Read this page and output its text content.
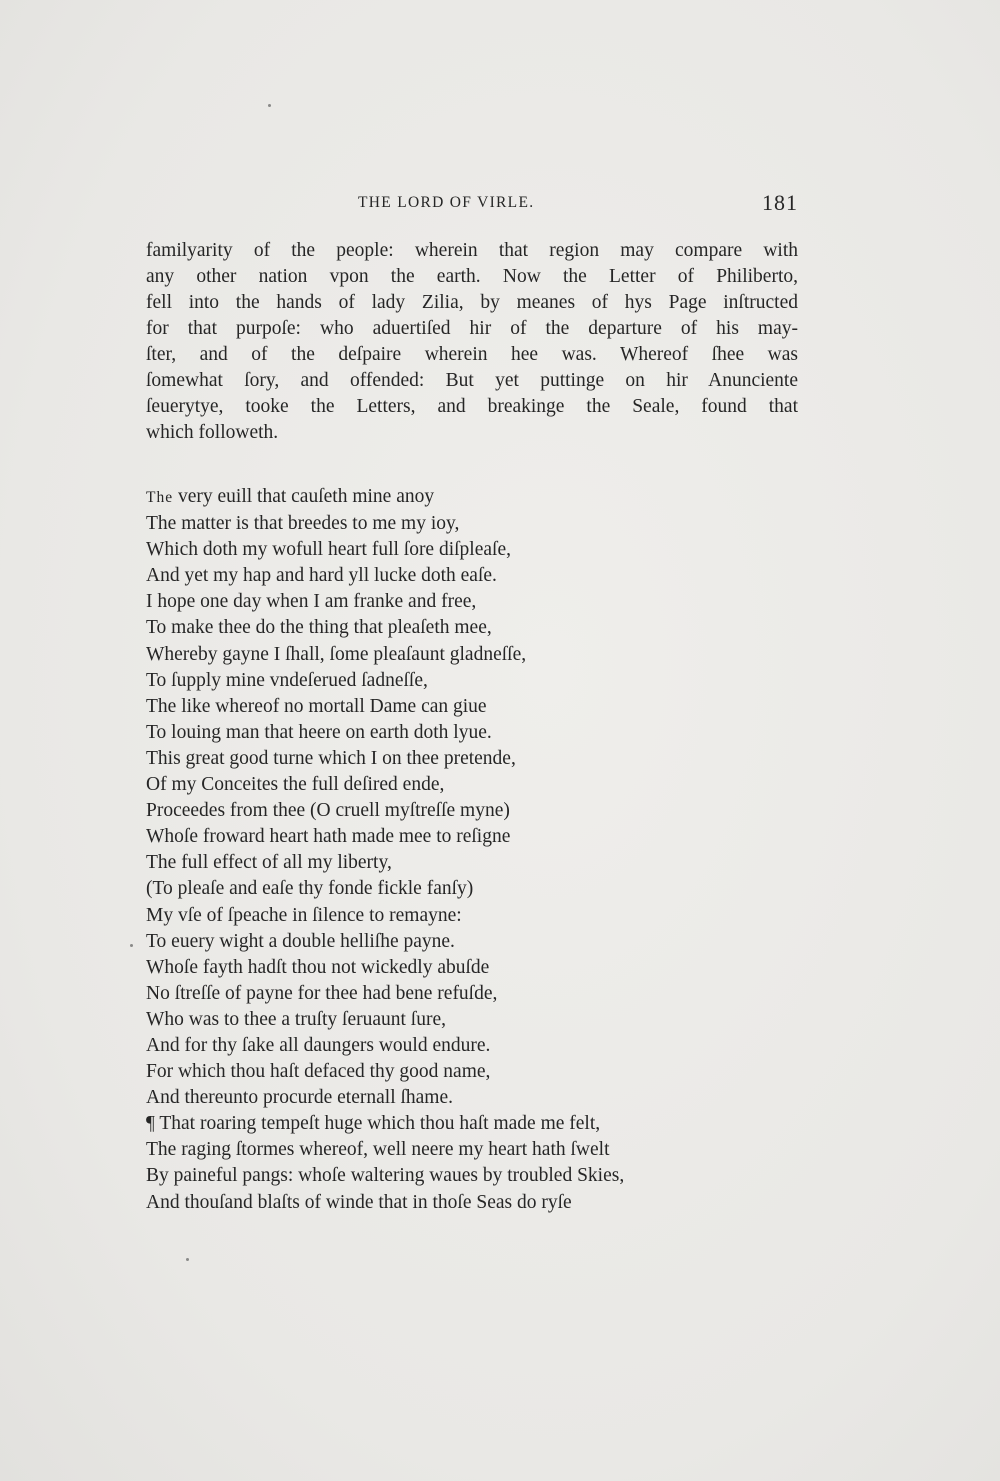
THE LORD OF VIRLE.	181
familyarity of the people: wherein that region may compare with
any other nation vpon the earth. Now the Letter of Philiberto,
fell into the hands of lady Zilia, by meanes of hys Page inſtructed
for that purpoſe: who aduertiſed hir of the departure of his may-
ſter, and of the deſpaire wherein hee was. Whereof ſhee was
ſomewhat ſory, and offended: But yet puttinge on hir Anunciente
ſeuerytye, tooke the Letters, and breakinge the Seale, found that
which followeth.
The very euill that cauſeth mine anoy
The matter is that breedes to me my ioy,
Which doth my wofull heart full ſore diſpleaſe,
And yet my hap and hard yll lucke doth eaſe.
I hope one day when I am franke and free,
To make thee do the thing that pleaſeth mee,
Whereby gayne I ſhall, ſome pleaſaunt gladneſſe,
To ſupply mine vndeſerued ſadneſſe,
The like whereof no mortall Dame can giue
To louing man that heere on earth doth lyue.
This great good turne which I on thee pretende,
Of my Conceites the full deſired ende,
Proceedes from thee (O cruell myſtreſſe myne)
Whoſe froward heart hath made mee to reſigne
The full effect of all my liberty,
(To pleaſe and eaſe thy fonde fickle fanſy)
My vſe of ſpeache in ſilence to remayne:
To euery wight a double helliſhe payne.
Whoſe fayth hadſt thou not wickedly abuſde
No ſtreſſe of payne for thee had bene refuſde,
Who was to thee a truſty ſeruaunt ſure,
And for thy ſake all daungers would endure.
For which thou haſt defaced thy good name,
And thereunto procurde eternall ſhame.
¶ That roaring tempeſt huge which thou haſt made me felt,
The raging ſtormes whereof, well neere my heart hath ſwelt
By paineful pangs: whoſe waltering waues by troubled Skies,
And thouſand blaſts of winde that in thoſe Seas do ryſe
